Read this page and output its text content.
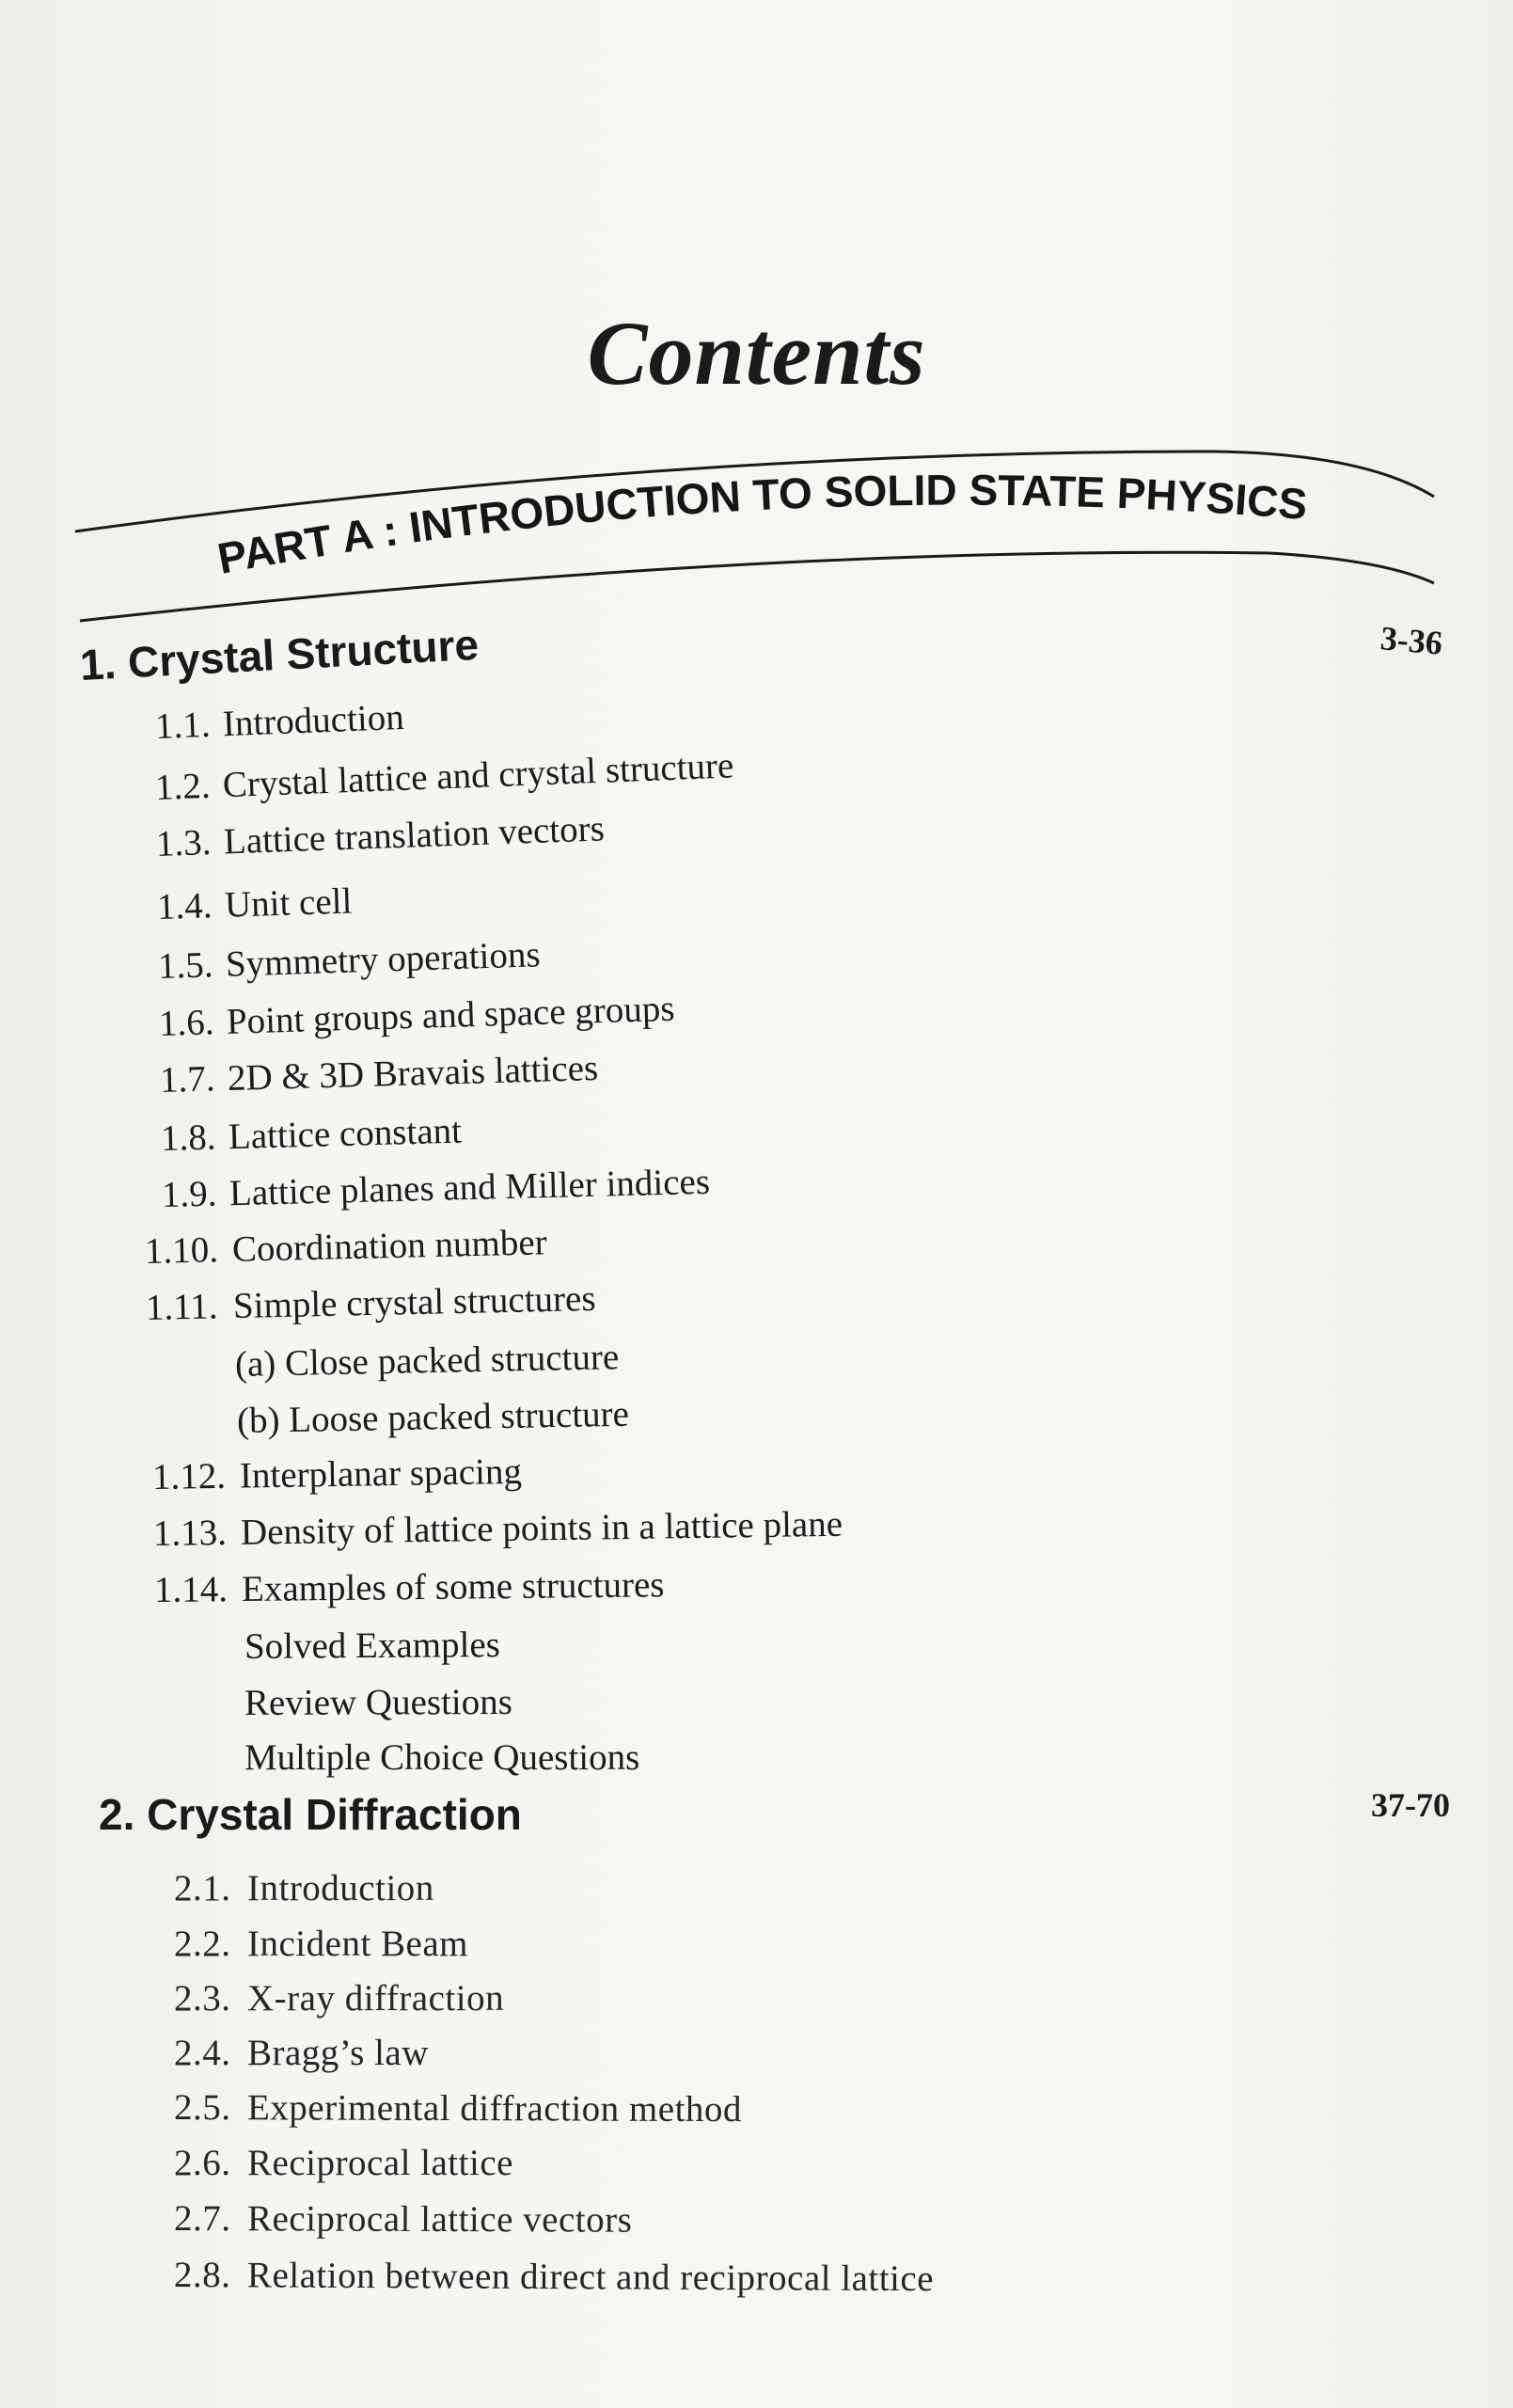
Contents
PART A : INTRODUCTION TO SOLID STATE PHYSICS
1. Crystal Structure	3-36
1.1. Introduction
1.2. Crystal lattice and crystal structure
1.3. Lattice translation vectors
1.4. Unit cell
1.5. Symmetry operations
1.6. Point groups and space groups
1.7. 2D & 3D Bravais lattices
1.8. Lattice constant
1.9. Lattice planes and Miller indices
1.10. Coordination number
1.11. Simple crystal structures
(a) Close packed structure
(b) Loose packed structure
1.12. Interplanar spacing
1.13. Density of lattice points in a lattice plane
1.14. Examples of some structures
Solved Examples
Review Questions
Multiple Choice Questions
2.1. Introduction
2.2. Incident Beam
2.3. X-ray diffraction
2.4. Bragg’s law
2.5. Experimental diffraction method
2.6. Reciprocal lattice
2.7. Reciprocal lattice vectors
2.8. Relation between direct and reciprocal lattice
2. Crystal Diffraction	37-70
